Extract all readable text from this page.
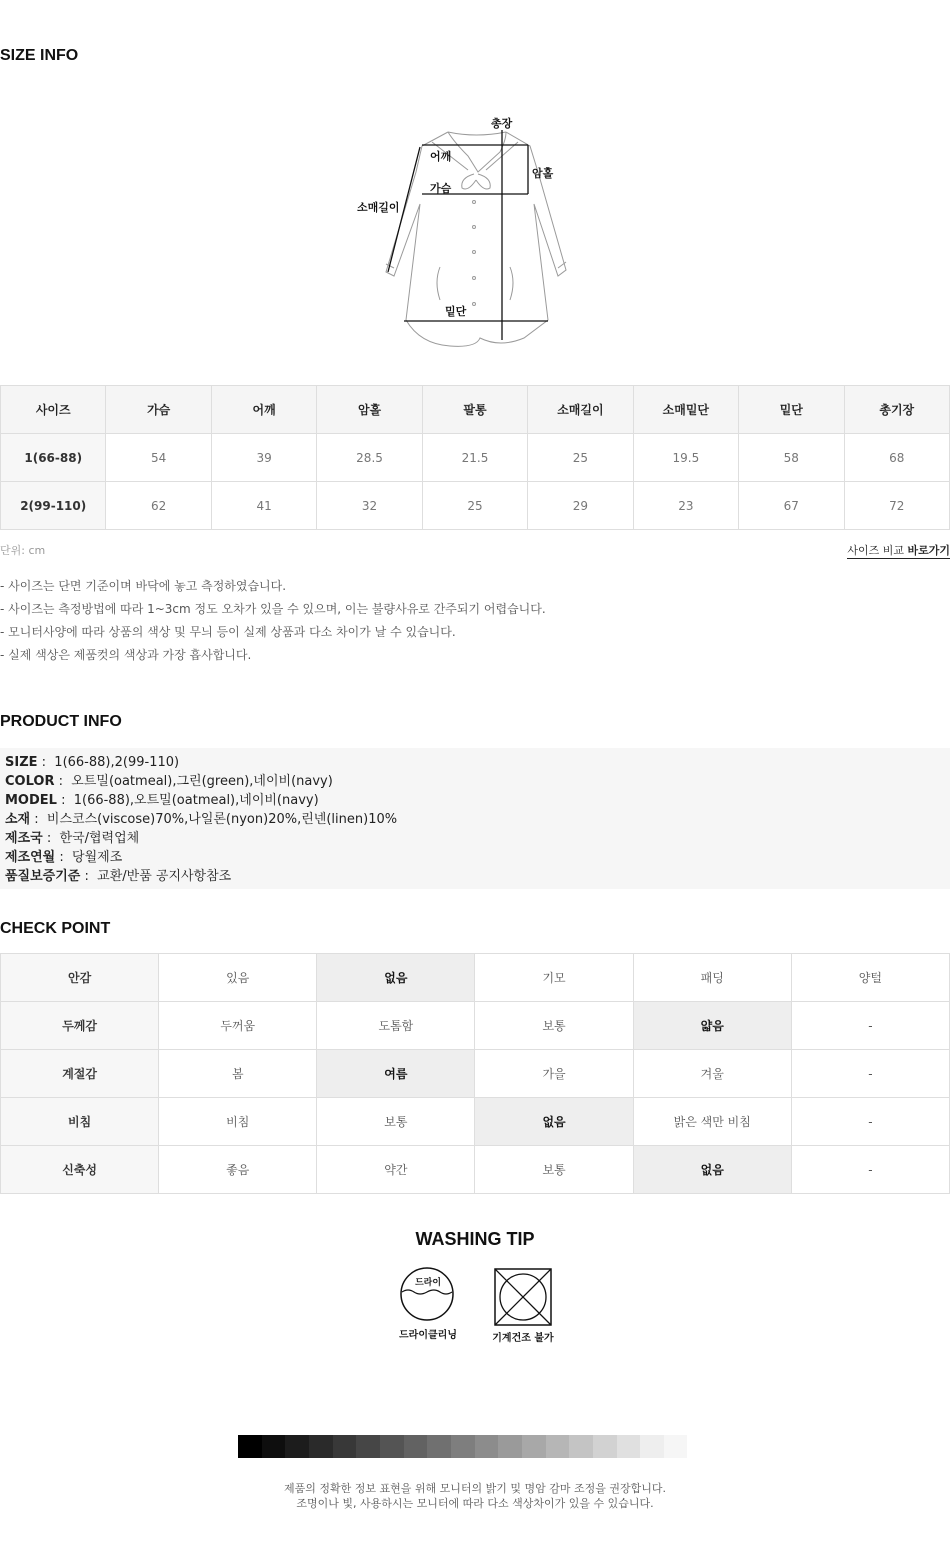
SIZE INFO
총장
어깨
암홀
가슴
소매길이
밑단
사이즈	가슴	어깨	암홀	팔통	소매길이	소매밑단	밑단	총기장
1(66-88)	54	39	28.5	21.5	25	19.5	58	68
2(99-110)	62	41	32	25	29	23	67	72
단위: cm	사이즈 비교 바로가기
- 사이즈는 단면 기준이며 바닥에 놓고 측정하였습니다.
- 사이즈는 측정방법에 따라 1~3cm 정도 오차가 있을 수 있으며, 이는 불량사유로 간주되기 어렵습니다.
- 모니터사양에 따라 상품의 색상 및 무늬 등이 실제 상품과 다소 차이가 날 수 있습니다.
- 실제 색상은 제품컷의 색상과 가장 흡사합니다.
PRODUCT INFO
SIZE :  1(66-88),2(99-110)
COLOR :  오트밀(oatmeal),그린(green),네이비(navy)
MODEL :  1(66-88),오트밀(oatmeal),네이비(navy)
소재 :  비스코스(viscose)70%,나일론(nyon)20%,린넨(linen)10%
제조국 :  한국/협력업체
제조연월 :  당월제조
품질보증기준 :  교환/반품 공지사항참조
CHECK POINT
안감	있음	없음	기모	패딩	양털
두께감	두꺼움	도톰함	보통	얇음	-
계절감	봄	여름	가을	겨울	-
비침	비침	보통	없음	밝은 색만 비침	-
신축성	좋음	약간	보통	없음	-
WASHING TIP
드라이
드라이클리닝	기계건조 불가
제품의 정확한 정보 표현을 위해 모니터의 밝기 및 명암 감마 조정을 권장합니다.
조명이나 빛, 사용하시는 모니터에 따라 다소 색상차이가 있을 수 있습니다.
